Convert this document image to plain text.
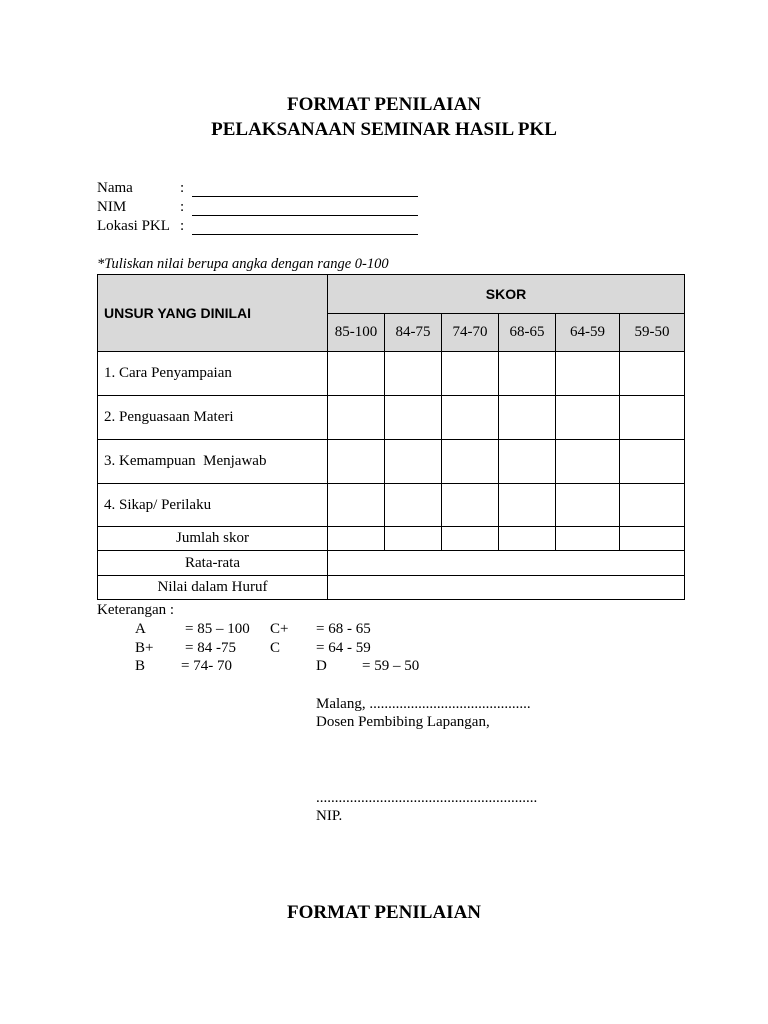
FORMAT PENILAIAN
PELAKSANAAN SEMINAR HASIL PKL
Nama	:
NIM	:
Lokasi PKL :
*Tuliskan nilai berupa angka dengan range 0-100
UNSUR YANG DINILAI	SKOR					
	85-100	84-75	74-70	68-65	64-59	59-50
1. Cara Penyampaian						
2. Penguasaan Materi						
3. Kemampuan  Menjawab						
4. Sikap/ Perilaku						
Jumlah skor						
Rata-rata						
Nilai dalam Huruf						
Keterangan :
A	= 85 – 100 C+ = 68 - 65
B+ = 84 -75 C = 64 - 59
B = 74- 70	D = 59 – 50
Malang, ...........................................
Dosen Pembibing Lapangan,
...........................................................
NIP.
FORMAT PENILAIAN
